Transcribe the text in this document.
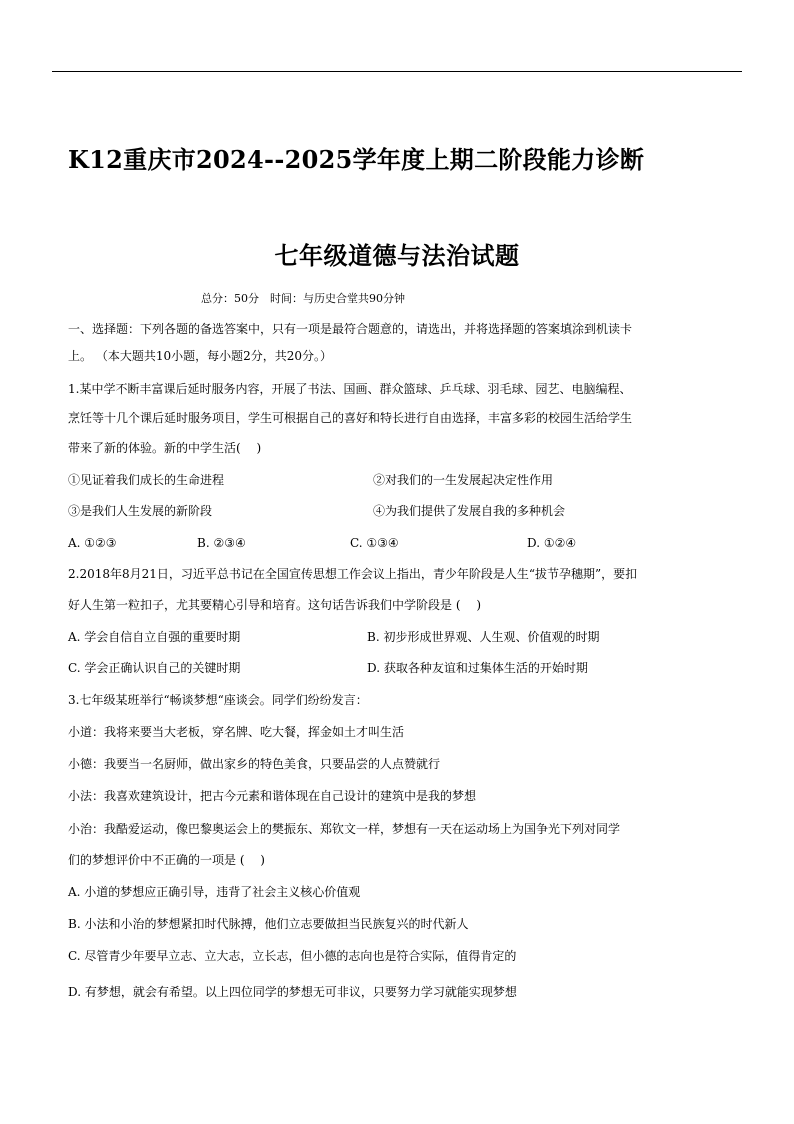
K12重庆市2024--2025学年度上期二阶段能力诊断
七年级道德与法治试题
总分：50分　时间：与历史合堂共90分钟
一、选择题：下列各题的备选答案中，只有一项是最符合题意的，请选出，并将选择题的答案填涂到机读卡
上。 （本大题共10小题，每小题2分，共20分。）
1.某中学不断丰富课后延时服务内容，开展了书法、国画、群众篮球、乒乓球、羽毛球、园艺、电脑编程、
烹饪等十几个课后延时服务项目，学生可根据自己的喜好和特长进行自由选择，丰富多彩的校园生活给学生
带来了新的体验。新的中学生活(　 )
①见证着我们成长的生命进程	②对我们的一生发展起决定性作用
③是我们人生发展的新阶段	④为我们提供了发展自我的多种机会
A. ①②③	B. ②③④	C. ①③④	D. ①②④
2.2018年8月21日，习近平总书记在全国宣传思想工作会议上指出，青少年阶段是人生“拔节孕穗期”，要扣
好人生第一粒扣子，尤其要精心引导和培育。这句话告诉我们中学阶段是 (　 )
A. 学会自信自立自强的重要时期	B. 初步形成世界观、人生观、价值观的时期
C. 学会正确认识自己的关键时期	D. 获取各种友谊和过集体生活的开始时期
3.七年级某班举行“畅谈梦想“座谈会。同学们纷纷发言：
小道：我将来要当大老板，穿名牌、吃大餐，挥金如土才叫生活
小德：我要当一名厨师，做出家乡的特色美食，只要品尝的人点赞就行
小法：我喜欢建筑设计，把古今元素和谐体现在自己设计的建筑中是我的梦想
小治：我酷爱运动，像巴黎奥运会上的樊振东、郑钦文一样，梦想有一天在运动场上为国争光下列对同学
们的梦想评价中不正确的一项是 (　 )
A. 小道的梦想应正确引导，违背了社会主义核心价值观
B. 小法和小治的梦想紧扣时代脉搏，他们立志要做担当民族复兴的时代新人
C. 尽管青少年要早立志、立大志，立长志，但小德的志向也是符合实际，值得肯定的
D. 有梦想，就会有希望。以上四位同学的梦想无可非议，只要努力学习就能实现梦想
